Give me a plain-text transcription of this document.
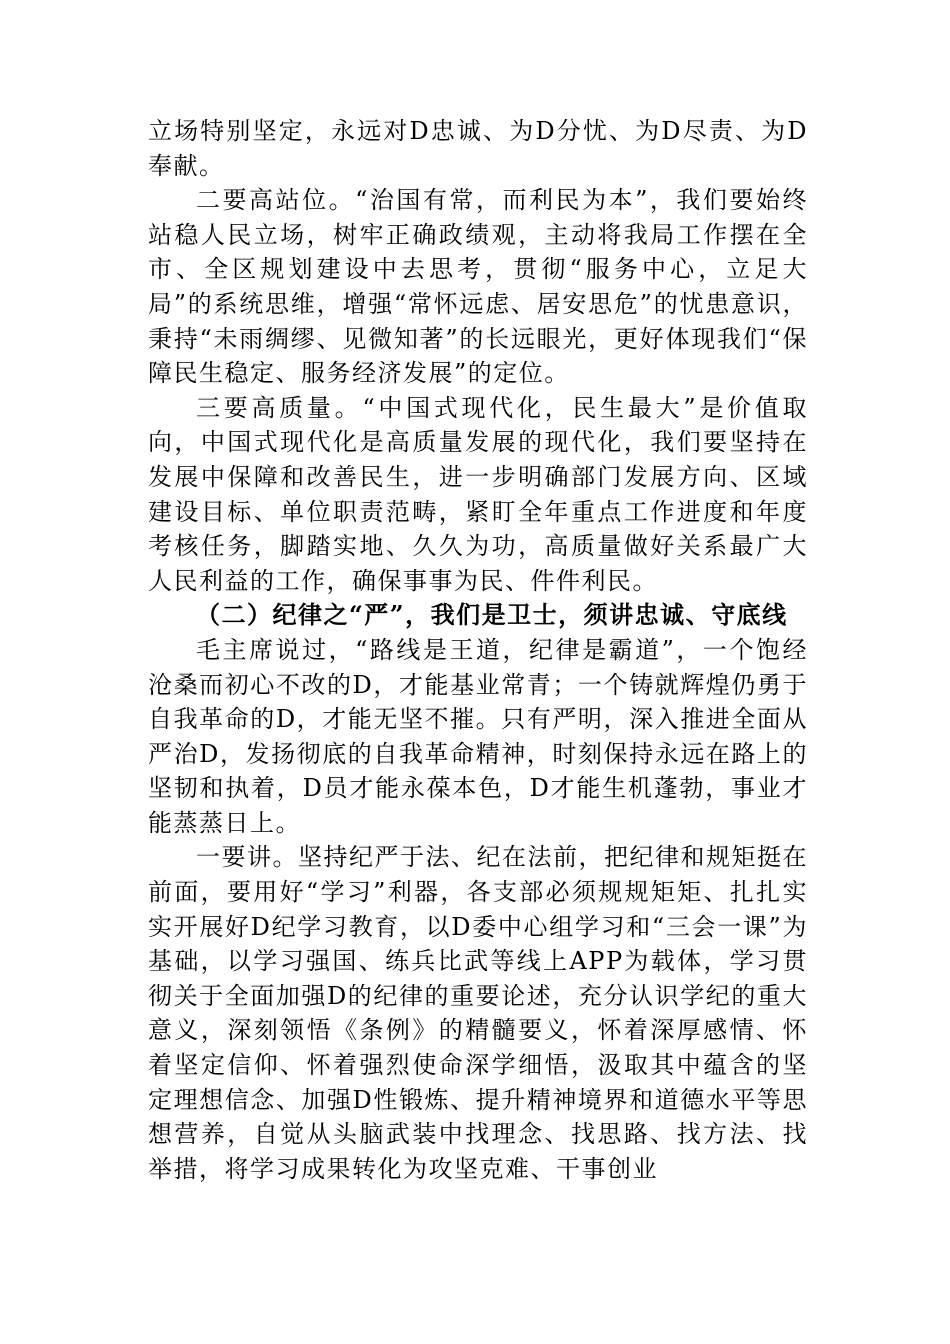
立场特别坚定，永远对D忠诚、为D分忧、为D尽责、为D奉献。

二要高站位。“治国有常，而利民为本”，我们要始终站稳人民立场，树牢正确政绩观，主动将我局工作摆在全市、全区规划建设中去思考，贯彻“服务中心，立足大局”的系统思维，增强“常怀远虑、居安思危”的忧患意识，秉持“未雨绸缪、见微知著”的长远眼光，更好体现我们“保障民生稳定、服务经济发展”的定位。

三要高质量。“中国式现代化，民生最大”是价值取向，中国式现代化是高质量发展的现代化，我们要坚持在发展中保障和改善民生，进一步明确部门发展方向、区域建设目标、单位职责范畴，紧盯全年重点工作进度和年度考核任务，脚踏实地、久久为功，高质量做好关系最广大人民利益的工作，确保事事为民、件件利民。

（二）纪律之“严”，我们是卫士，须讲忠诚、守底线

毛主席说过，“路线是王道，纪律是霸道”，一个饱经沧桑而初心不改的D，才能基业常青；一个铸就辉煌仍勇于自我革命的D，才能无坚不摧。只有严明，深入推进全面从严治D，发扬彻底的自我革命精神，时刻保持永远在路上的坚韧和执着，D员才能永葆本色，D才能生机蓬勃，事业才能蒸蒸日上。

一要讲。坚持纪严于法、纪在法前，把纪律和规矩挺在前面，要用好“学习”利器，各支部必须规规矩矩、扎扎实实开展好D纪学习教育，以D委中心组学习和“三会一课”为基础，以学习强国、练兵比武等线上APP为载体，学习贯彻关于全面加强D的纪律的重要论述，充分认识学纪的重大意义，深刻领悟《条例》的精髓要义，怀着深厚感情、怀着坚定信仰、怀着强烈使命深学细悟，汲取其中蕴含的坚定理想信念、加强D性锻炼、提升精神境界和道德水平等思想营养，自觉从头脑武装中找理念、找思路、找方法、找举措，将学习成果转化为攻坚克难、干事创业
